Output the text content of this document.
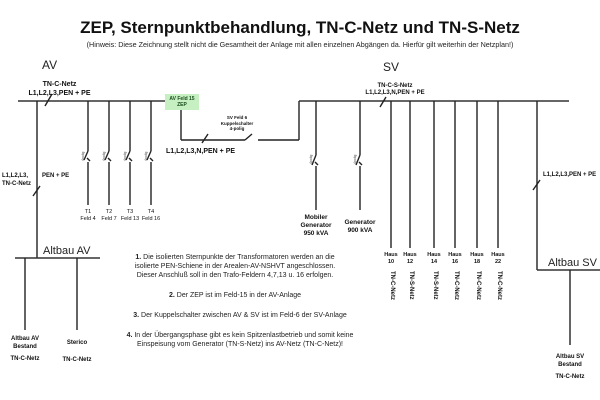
ZEP, Sternpunktbehandlung, TN-C-Netz und TN-S-Netz
(Hinweis: Diese Zeichnung stellt nicht die Gesamtheit der Anlage mit allen einzelnen Abgängen da. Hierfür gilt weiterhin der Netzplan!)
AV
TN-C-Netz
L1,L2,L3,PEN + PE
L1,L2,L3,
TN-C-Netz
PEN + PE
AV Feld 15
ZEP
4polig	4polig	4polig	4polig
T1
Feld 4
T2
Feld 7
T3
Feld 13
T4
Feld 16
SV Feld 6
Kuppelschalter
4-polig
L1,L2,L3,N,PEN + PE
SV
TN-C-S-Netz
L1,L2,L3,N,PEN + PE
4polig	4polig
Mobiler
Generator
950 kVA
Generator
900 kVA
Haus
10
Haus
12
Haus
14
Haus
16
Haus
18
Haus
22
TN-C-Netz TN-S-Netz	TN-S-Netz	TN-C-Netz	TN-C-Netz	TN-C-Netz
L1,L2,L3,PEN + PE
Altbau AV
Altbau AV
Bestand
TN-C-Netz
Sterico
TN-C-Netz
Altbau SV
Altbau SV
Bestand
TN-C-Netz
1. Die isolierten Sternpunkte der Transformatoren werden an die
isolierte PEN-Schiene in der Arealen-AV-NSHVT angeschlossen.
Dieser Anschluß soll in den Trafo-Feldern 4,7,13 u. 16 erfolgen.
2. Der ZEP ist im Feld-15 in der AV-Anlage
3. Der Kuppelschalter zwischen AV & SV ist im Feld-6 der SV-Anlage
4. In der Übergangsphase gibt es kein Spitzenlastbetrieb und somit keine
Einspeisung vom Generator (TN-S-Netz) ins AV-Netz (TN-C-Netz)!
